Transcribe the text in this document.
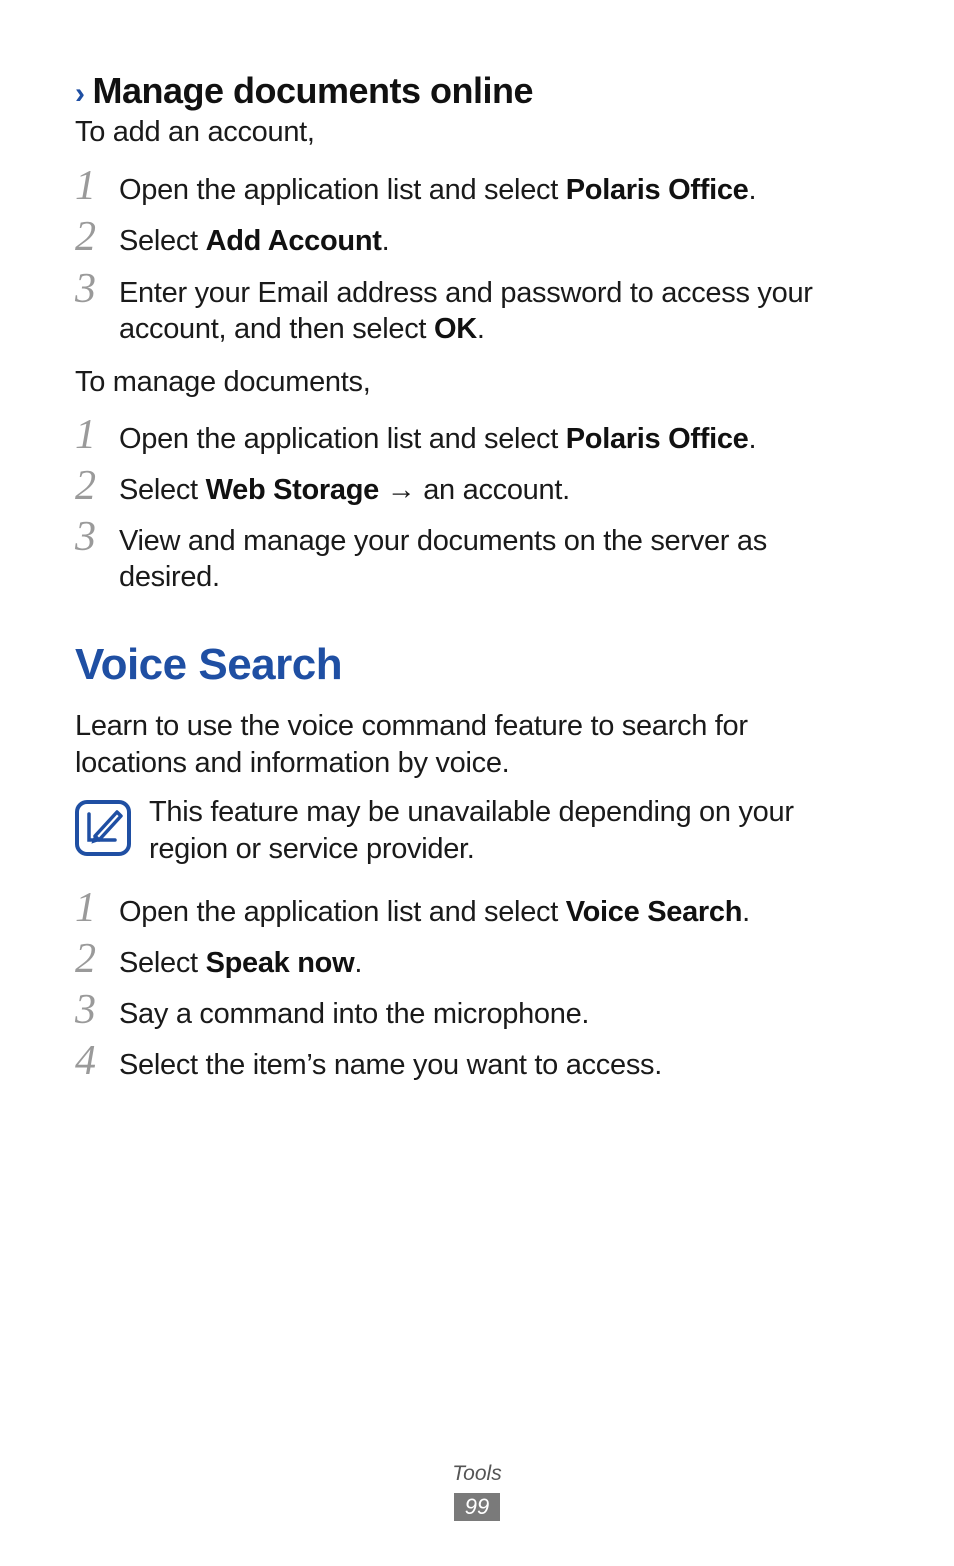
› Manage documents online
To add an account,
1 Open the application list and select Polaris Office.
2 Select Add Account.
3 Enter your Email address and password to access your account, and then select OK.
To manage documents,
1 Open the application list and select Polaris Office.
2 Select Web Storage → an account.
3 View and manage your documents on the server as desired.
Voice Search
Learn to use the voice command feature to search for locations and information by voice.
This feature may be unavailable depending on your region or service provider.
1 Open the application list and select Voice Search.
2 Select Speak now.
3 Say a command into the microphone.
4 Select the item’s name you want to access.
Tools
99
